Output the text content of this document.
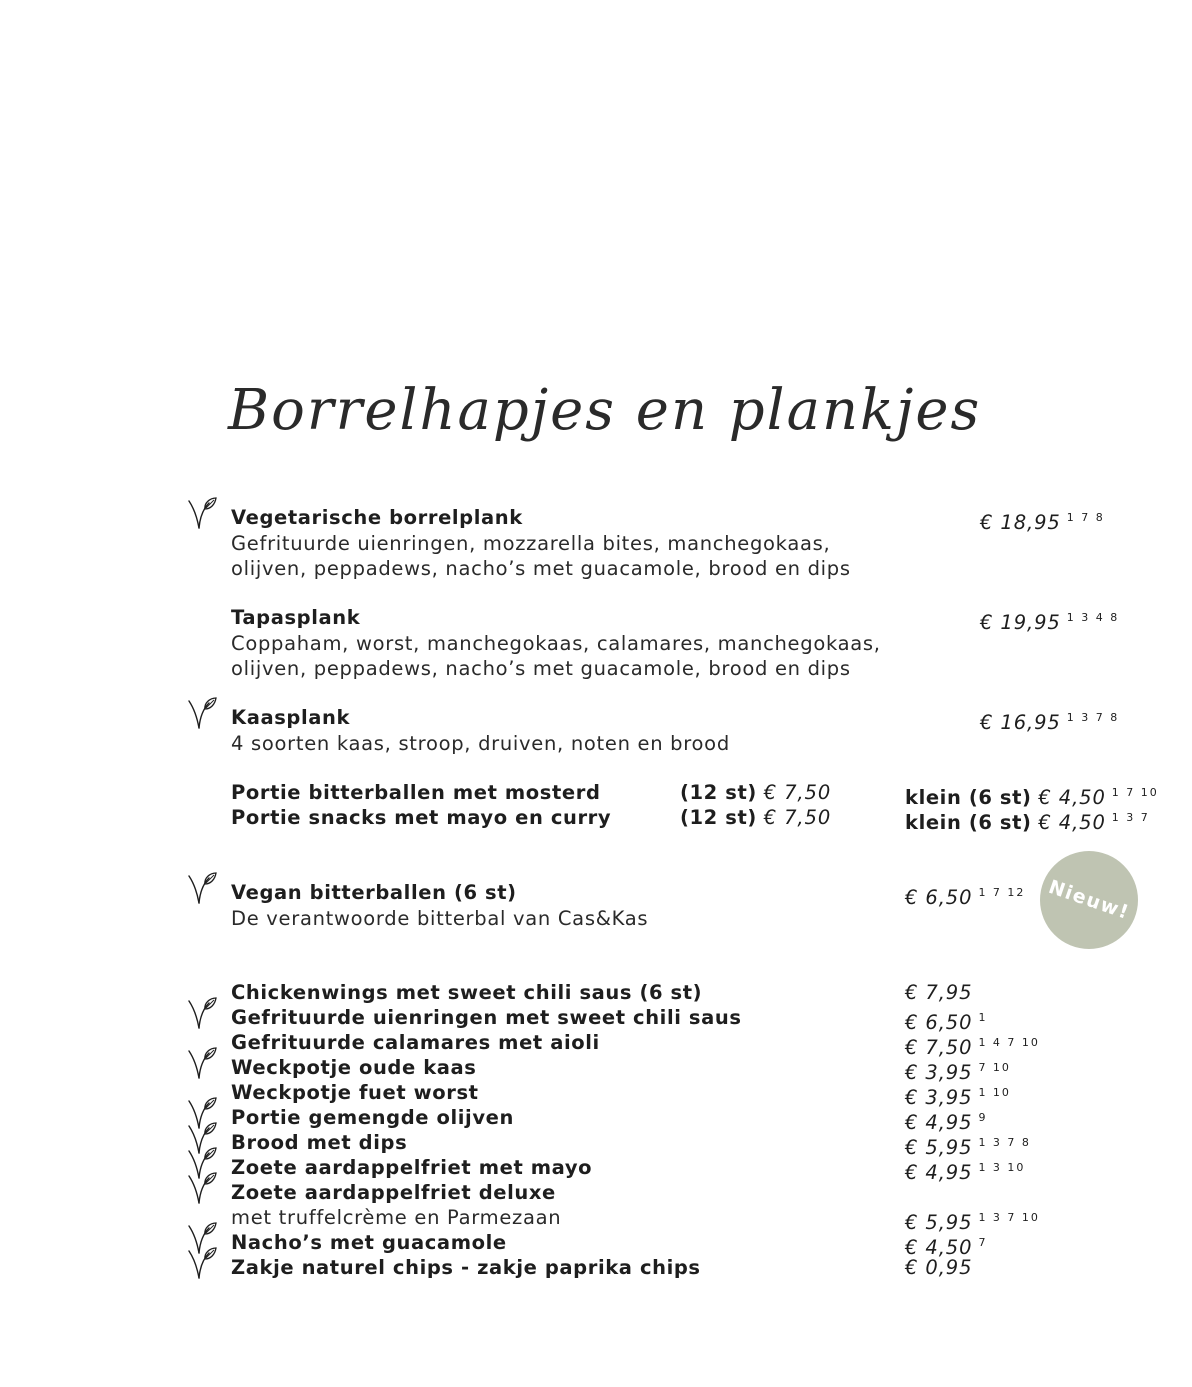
Borrelhapjes en plankjes
Vegetarische borrelplank
Gefrituurde uienringen, mozzarella bites, manchegokaas,
olijven, peppadews, nacho’s met guacamole, brood en dips
€ 18,95 $^{1 7 8}$
Tapasplank
Coppaham, worst, manchegokaas, calamares, manchegokaas,
olijven, peppadews, nacho’s met guacamole, brood en dips
€ 19,95 $^{1 3 4 8}$
Kaasplank
4 soorten kaas, stroop, druiven, noten en brood
€ 16,95 $^{1 3 7 8}$
Portie bitterballen met mosterd	(12 st) € 7,50	klein (6 st) € 4,50 $^{1 7 10}$
Portie snacks met mayo en curry	(12 st) € 7,50	klein (6 st) € 4,50 $^{1 3 7}$
Vegan bitterballen (6 st)
De verantwoorde bitterbal van Cas&Kas
€ 6,50 $^{1 7 12}$ Nieuw!
Chickenwings met sweet chili saus (6 st)	€ 7,95
Gefrituurde uienringen met sweet chili saus	€ 6,50 $^1$
Gefrituurde calamares met aioli	€ 7,50 $^{1 4 7 10}$
Weckpotje oude kaas	€ 3,95 $^{7 10}$
Weckpotje fuet worst	€ 3,95 $^{1 10}$
Portie gemengde olijven	€ 4,95 $^9$
Brood met dips	€ 5,95 $^{1 3 7 8}$
Zoete aardappelfriet met mayo	€ 4,95 $^{1 3 10}$
Zoete aardappelfriet deluxe
met truffelcrème en Parmezaan	€ 5,95 $^{1 3 7 10}$
Nacho’s met guacamole	€ 4,50 $^7$
Zakje naturel chips - zakje paprika chips	€ 0,95
